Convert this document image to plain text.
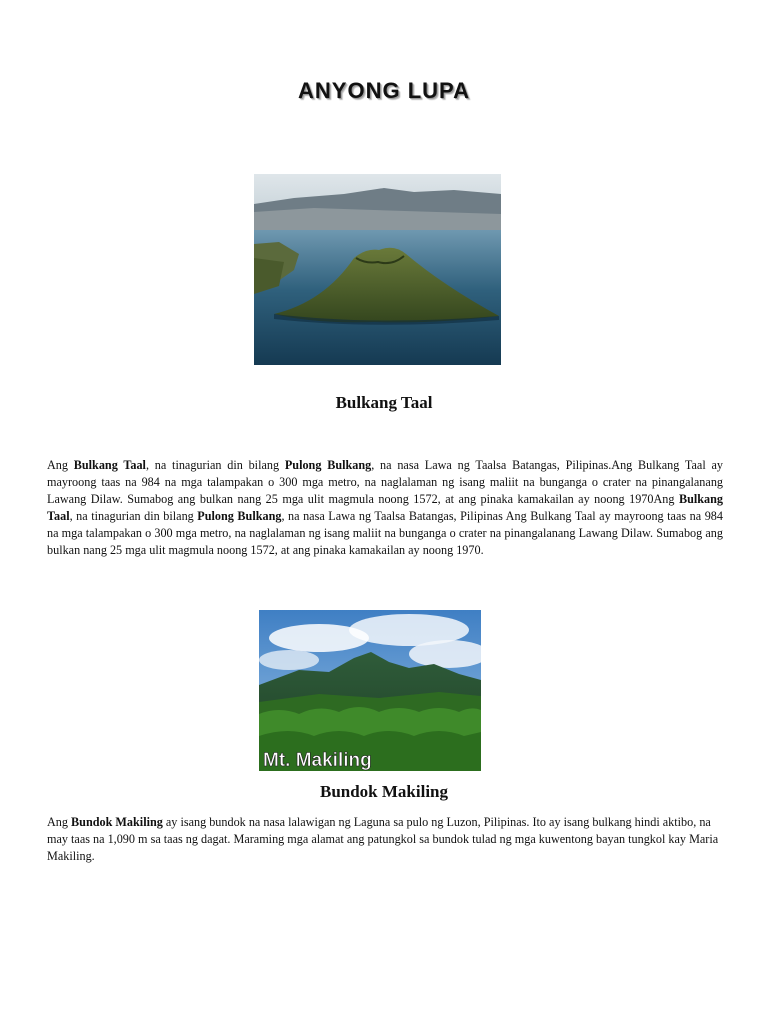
ANYONG LUPA
Bulkang Taal

Ang Bulkang Taal, na tinagurian din bilang Pulong Bulkang, na nasa Lawa ng Taalsa Batangas, Pilipinas.Ang Bulkang Taal ay mayroong taas na 984 na mga talampakan o 300 mga metro, na naglalaman ng isang maliit na bunganga o crater na pinangalanang Lawang Dilaw. Sumabog ang bulkan nang 25 mga ulit magmula noong 1572, at ang pinaka kamakailan ay noong 1970Ang Bulkang Taal, na tinagurian din bilang Pulong Bulkang, na nasa Lawa ng Taalsa Batangas, Pilipinas Ang Bulkang Taal ay mayroong taas na 984 na mga talampakan o 300 mga metro, na naglalaman ng isang maliit na bunganga o crater na pinangalanang Lawang Dilaw. Sumabog ang bulkan nang 25 mga ulit magmula noong 1572, at ang pinaka kamakailan ay noong 1970.

Mt. Makiling
Bundok Makiling

Ang Bundok Makiling ay isang bundok na nasa lalawigan ng Laguna sa pulo ng Luzon, Pilipinas. Ito ay isang bulkang hindi aktibo, na may taas na 1,090 m sa taas ng dagat. Maraming mga alamat ang patungkol sa bundok tulad ng mga kuwentong bayan tungkol kay Maria Makiling.
